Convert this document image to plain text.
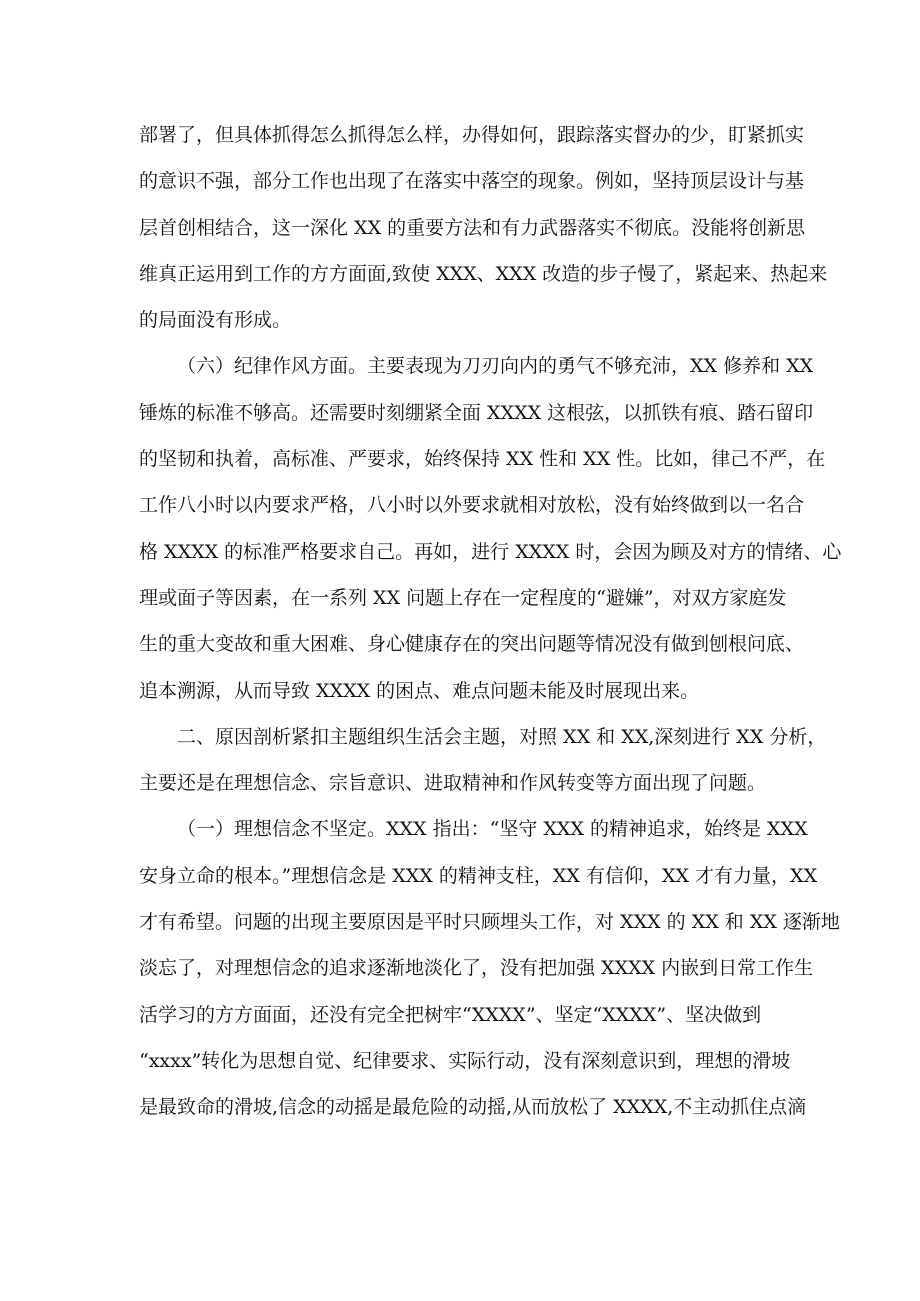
部署了，但具体抓得怎么抓得怎么样，办得如何，跟踪落实督办的少，盯紧抓实
的意识不强，部分工作也出现了在落实中落空的现象。例如，坚持顶层设计与基
层首创相结合，这一深化 XX 的重要方法和有力武器落实不彻底。没能将创新思
维真正运用到工作的方方面面,致使 XXX、XXX 改造的步子慢了，紧起来、热起来
的局面没有形成。
（六）纪律作风方面。主要表现为刀刃向内的勇气不够充沛，XX 修养和 XX
锤炼的标准不够高。还需要时刻绷紧全面 XXXX 这根弦，以抓铁有痕、踏石留印
的坚韧和执着，高标准、严要求，始终保持 XX 性和 XX 性。比如，律己不严，在
工作八小时以内要求严格，八小时以外要求就相对放松，没有始终做到以一名合
格 XXXX 的标准严格要求自己。再如，进行 XXXX 时，会因为顾及对方的情绪、心
理或面子等因素，在一系列 XX 问题上存在一定程度的“避嫌”，对双方家庭发
生的重大变故和重大困难、身心健康存在的突出问题等情况没有做到刨根问底、
追本溯源，从而导致 XXXX 的困点、难点问题未能及时展现出来。
二、原因剖析紧扣主题组织生活会主题，对照 XX 和 XX,深刻进行 XX 分析，
主要还是在理想信念、宗旨意识、进取精神和作风转变等方面出现了问题。
（一）理想信念不坚定。XXX 指出：“坚守 XXX 的精神追求，始终是 XXX
安身立命的根本。”理想信念是 XXX 的精神支柱，XX 有信仰，XX 才有力量，XX
才有希望。问题的出现主要原因是平时只顾埋头工作，对 XXX 的 XX 和 XX 逐渐地
淡忘了，对理想信念的追求逐渐地淡化了，没有把加强 XXXX 内嵌到日常工作生
活学习的方方面面，还没有完全把树牢“XXXX”、坚定“XXXX”、坚决做到
“xxxx”转化为思想自觉、纪律要求、实际行动，没有深刻意识到，理想的滑坡
是最致命的滑坡,信念的动摇是最危险的动摇,从而放松了 XXXX,不主动抓住点滴
